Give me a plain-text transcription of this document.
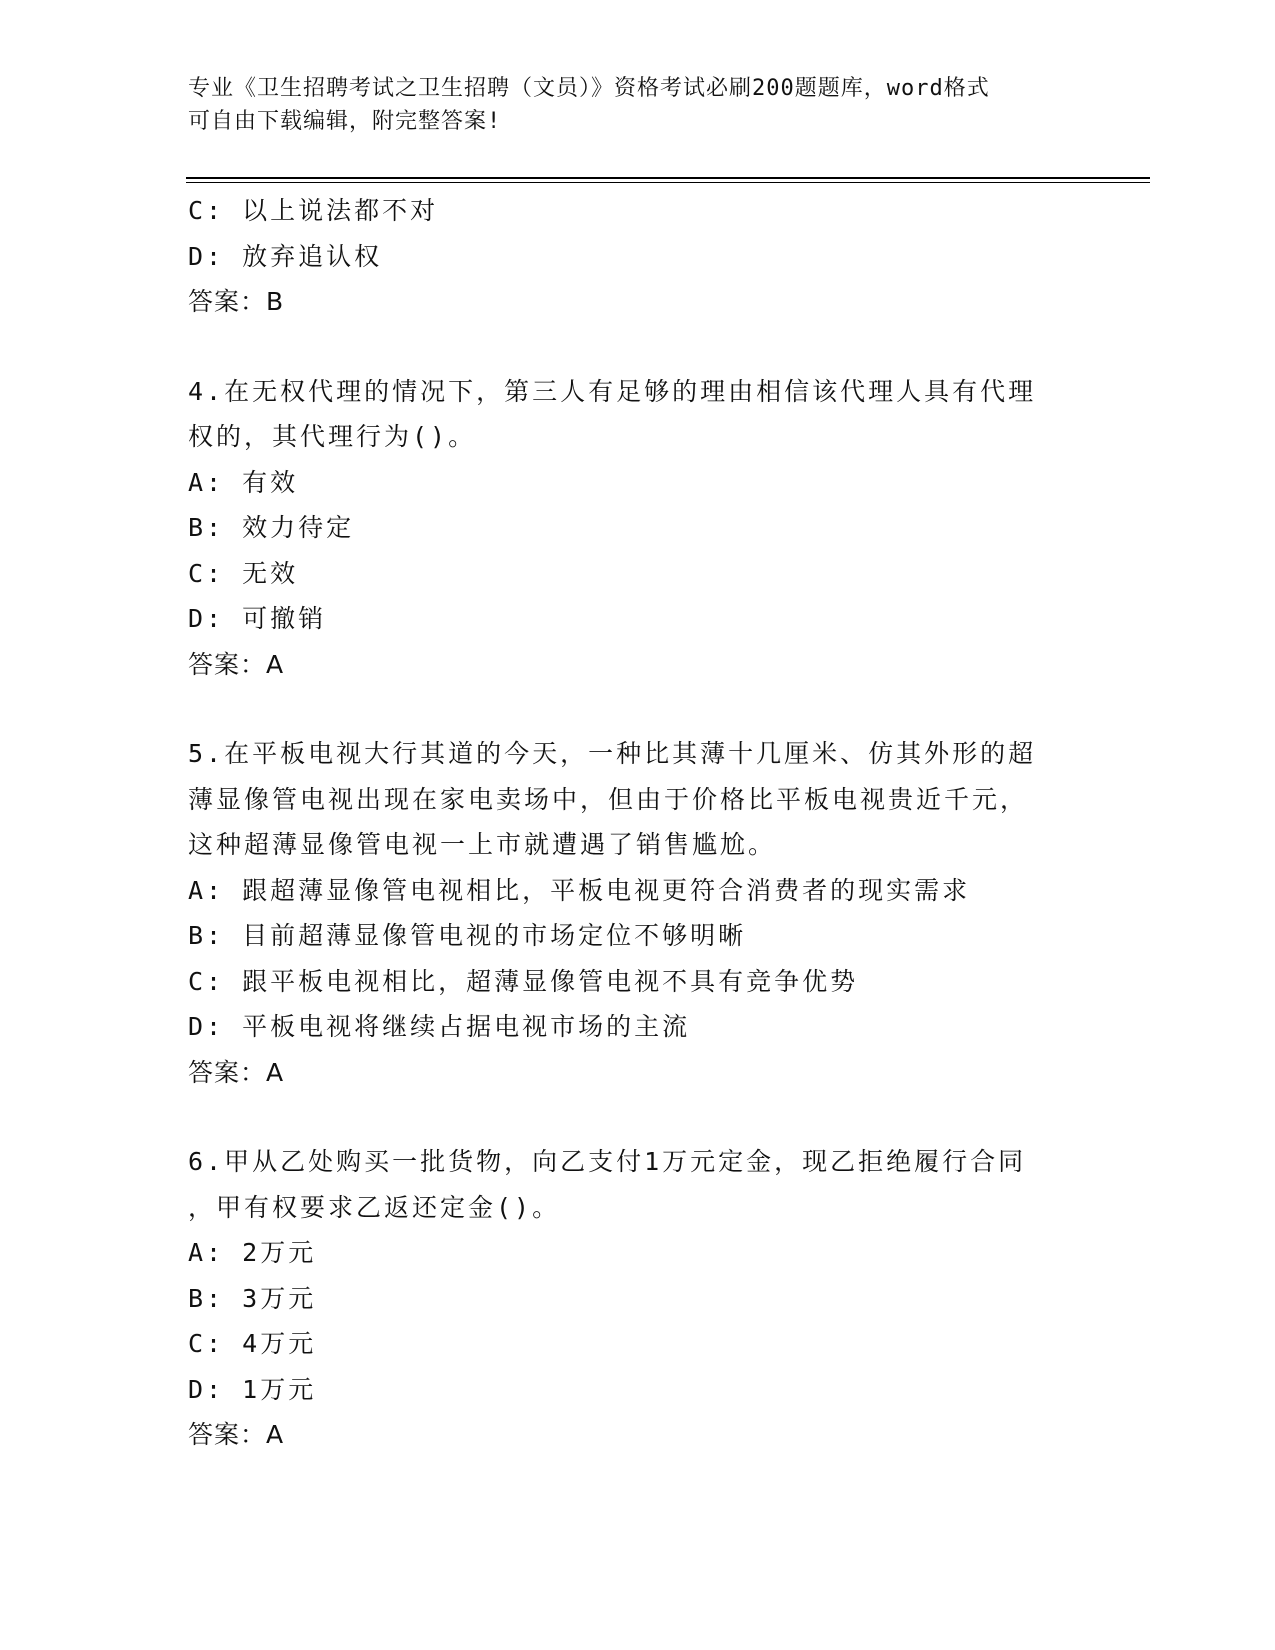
专业《卫生招聘考试之卫生招聘（文员）》资格考试必刷200题题库，word格式
可自由下载编辑，附完整答案!
C: 以上说法都不对
D: 放弃追认权
答案：B
4.在无权代理的情况下，第三人有足够的理由相信该代理人具有代理
权的，其代理行为()。
A: 有效
B: 效力待定
C: 无效
D: 可撤销
答案：A
5.在平板电视大行其道的今天，一种比其薄十几厘米、仿其外形的超
薄显像管电视出现在家电卖场中，但由于价格比平板电视贵近千元，
这种超薄显像管电视一上市就遭遇了销售尴尬。
A: 跟超薄显像管电视相比，平板电视更符合消费者的现实需求
B: 目前超薄显像管电视的市场定位不够明晰
C: 跟平板电视相比，超薄显像管电视不具有竞争优势
D: 平板电视将继续占据电视市场的主流
答案：A
6.甲从乙处购买一批货物，向乙支付1万元定金，现乙拒绝履行合同
，甲有权要求乙返还定金()。
A: 2万元
B: 3万元
C: 4万元
D: 1万元
答案：A
